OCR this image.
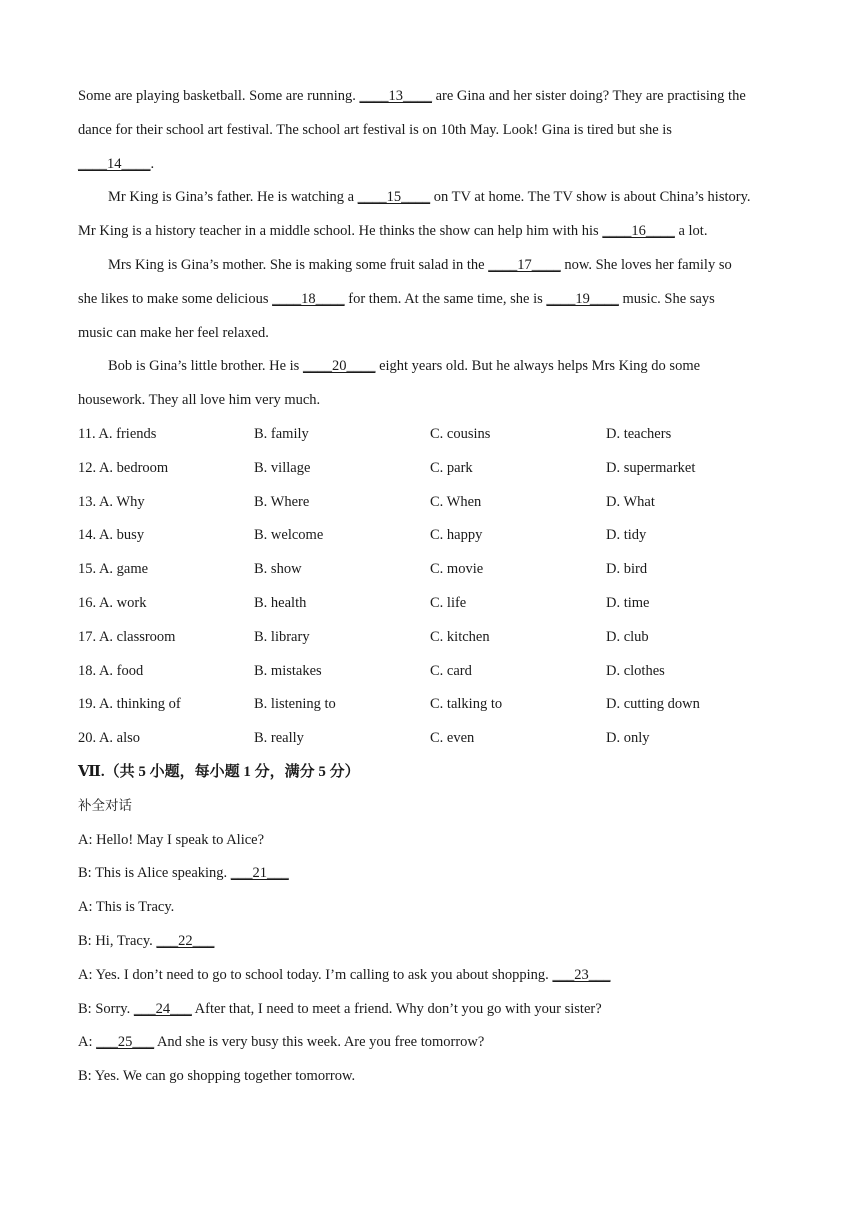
Some are playing basketball. Some are running. ____13____ are Gina and her sister doing? They are practising the
dance for their school art festival. The school art festival is on 10th May. Look! Gina is tired but she is
____14____.
Mr King is Gina’s father. He is watching a ____15____ on TV at home. The TV show is about China’s history.
Mr King is a history teacher in a middle school. He thinks the show can help him with his ____16____ a lot.
Mrs King is Gina’s mother. She is making some fruit salad in the ____17____ now. She loves her family so
she likes to make some delicious ____18____ for them. At the same time, she is ____19____ music. She says
music can make her feel relaxed.
Bob is Gina’s little brother. He is ____20____ eight years old. But he always helps Mrs King do some
housework. They all love him very much.
11. A. friends	B. family	C. cousins	D. teachers
12. A. bedroom	B. village	C. park	D. supermarket
13. A. Why	B. Where	C. When	D. What
14. A. busy	B. welcome	C. happy	D. tidy
15. A. game	B. show	C. movie	D. bird
16. A. work	B. health	C. life	D. time
17. A. classroom	B. library	C. kitchen	D. club
18. A. food	B. mistakes	C. card	D. clothes
19. A. thinking of	B. listening to	C. talking to	D. cutting down
20. A. also	B. really	C. even	D. only
Ⅶ.（共 5 小题，每小题 1 分，满分 5 分）
补全对话
A: Hello! May I speak to Alice?
B: This is Alice speaking. ___21___
A: This is Tracy.
B: Hi, Tracy. ___22___
A: Yes. I don’t need to go to school today. I’m calling to ask you about shopping. ___23___
B: Sorry. ___24___ After that, I need to meet a friend. Why don’t you go with your sister?
A: ___25___ And she is very busy this week. Are you free tomorrow?
B: Yes. We can go shopping together tomorrow.
